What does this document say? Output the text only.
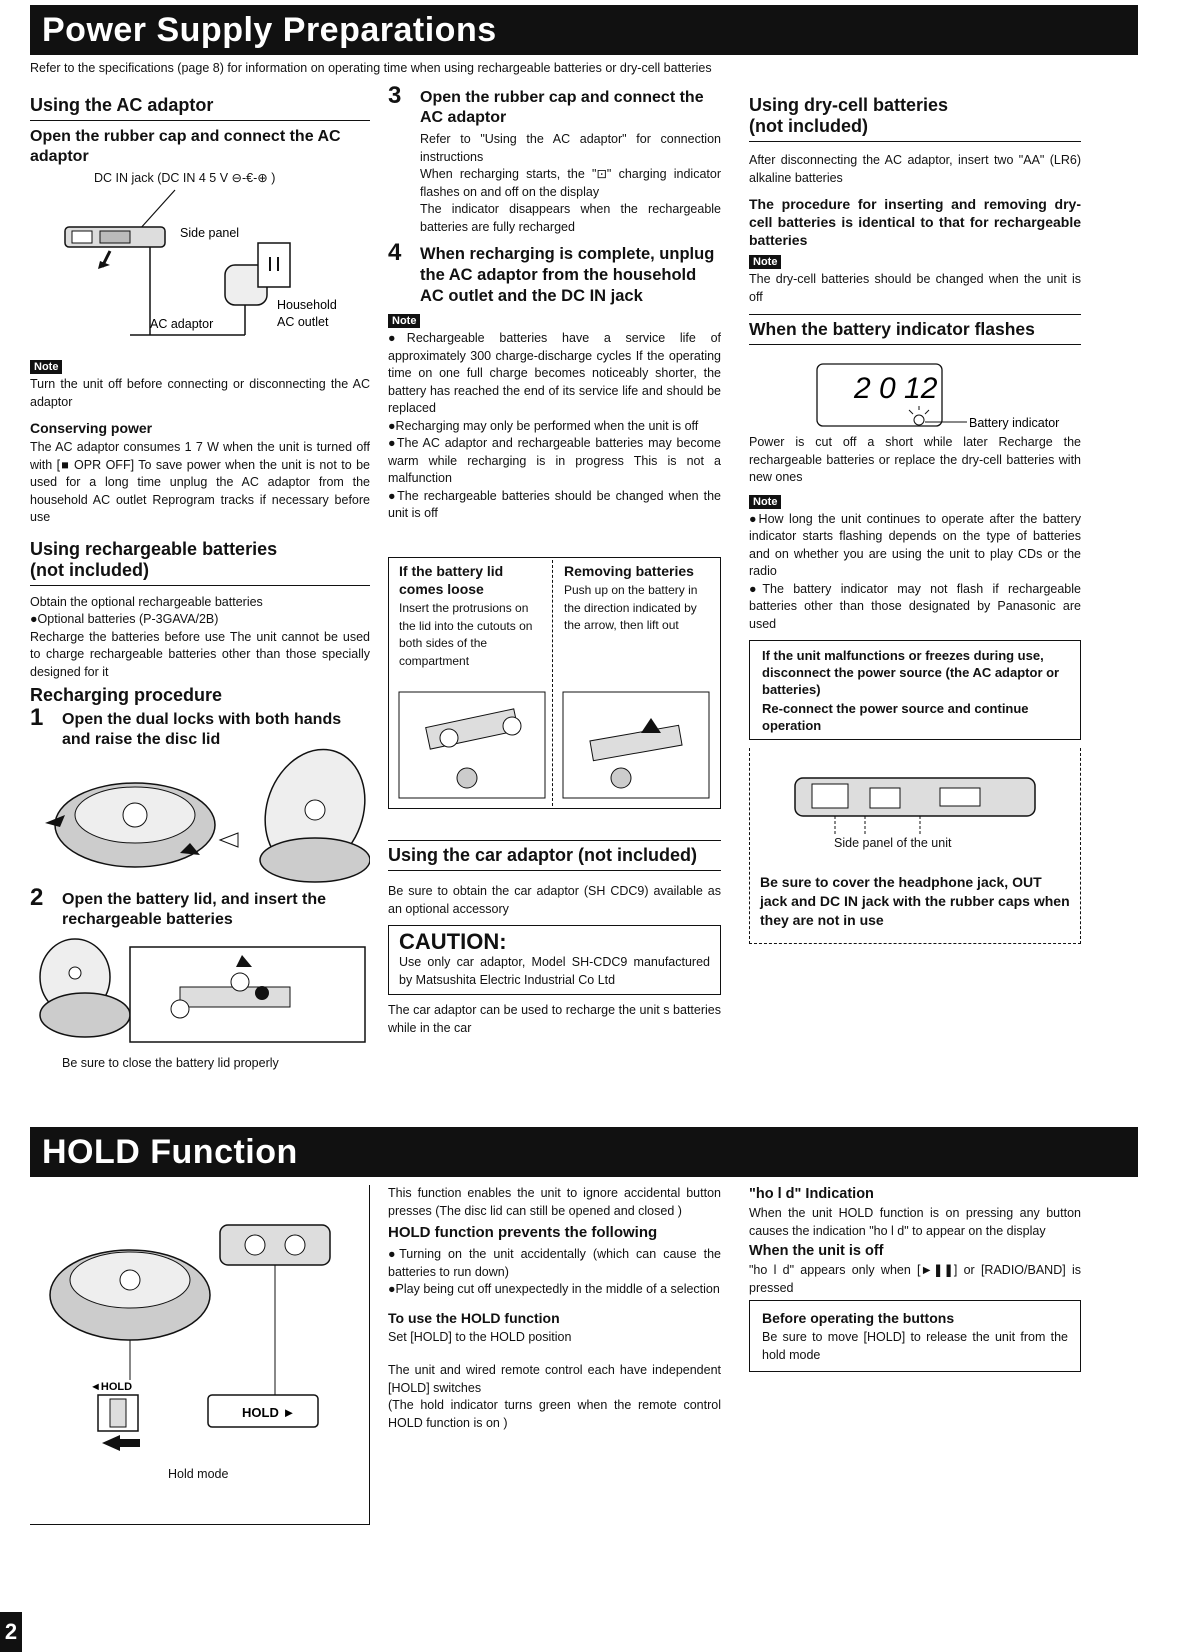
Power Supply Preparations
Refer to the specifications (page 8) for information on operating time when using rechargeable batteries or dry-cell batteries
Using the AC adaptor
Open the rubber cap and connect the AC adaptor
DC IN jack (DC IN 4 5 V ⊖-€-⊕ )
Side panel
Household
AC outlet
AC adaptor
Note

Turn the unit off before connecting or disconnecting the AC adaptor

Conserving power

The AC adaptor consumes 1 7 W when the unit is turned off with [■ OPR OFF] To save power when the unit is not to be used for a long time unplug the AC adaptor from the household AC outlet Reprogram tracks if necessary before use

Using rechargeable batteries
(not included)

Obtain the optional rechargeable batteries

●Optional batteries (P-3GAVA/2B)

Recharge the batteries before use The unit cannot be used to charge rechargeable batteries other than those specially designed for it

Recharging procedure
1 Open the dual locks with both hands and raise the disc lid
2 Open the battery lid, and insert the rechargeable batteries
Be sure to close the battery lid properly
3 Open the rubber cap and connect the AC adaptor

Refer to "Using the AC adaptor" for connection instructions

When recharging starts, the "⊡" charging indicator flashes on and off on the display

The indicator disappears when the rechargeable batteries are fully recharged

4 When recharging is complete, unplug the AC adaptor from the household AC outlet and the DC IN jack
Note

●Rechargeable batteries have a service life of approximately 300 charge-discharge cycles If the operating time on one full charge becomes noticeably shorter, the battery has reached the end of its service life and should be replaced

●Recharging may only be performed when the unit is off

●The AC adaptor and rechargeable batteries may become warm while recharging is in progress This is not a malfunction

●The rechargeable batteries should be changed when the unit is off

If the battery lid comes loose

Insert the protrusions on the lid into the cutouts on both sides of the compartment

Removing batteries

Push up on the battery in the direction indicated by the arrow, then lift out

Using the car adaptor (not included)

Be sure to obtain the car adaptor (SH CDC9) available as an optional accessory

CAUTION:

Use only car adaptor, Model SH-CDC9 manufactured by Matsushita Electric Industrial Co Ltd

The car adaptor can be used to recharge the unit s batteries while in the car
Using dry-cell batteries
(not included)

After disconnecting the AC adaptor, insert two "AA" (LR6) alkaline batteries

The procedure for inserting and removing dry-cell batteries is identical to that for rechargeable batteries
Note

The dry-cell batteries should be changed when the unit is off

When the battery indicator flashes
2 0 12
Battery indicator

Power is cut off a short while later Recharge the rechargeable batteries or replace the dry-cell batteries with new ones

Note

●How long the unit continues to operate after the battery indicator starts flashing depends on the type of batteries and on whether you are using the unit to play CDs or the radio

●The battery indicator may not flash if rechargeable batteries other than those designated by Panasonic are used

If the unit malfunctions or freezes during use, disconnect the power source (the AC adaptor or batteries)
Re-connect the power source and continue operation
Side panel of the unit
Be sure to cover the headphone jack, OUT jack and DC IN jack with the rubber caps when they are not in use
HOLD Function
◄HOLD
HOLD ►
Hold mode

This function enables the unit to ignore accidental button presses (The disc lid can still be opened and closed )

HOLD function prevents the following

●Turning on the unit accidentally (which can cause the batteries to run down)

●Play being cut off unexpectedly in the middle of a selection

To use the HOLD function

Set [HOLD] to the HOLD position

The unit and wired remote control each have independent [HOLD] switches

(The hold indicator turns green when the remote control HOLD function is on )

"ho l d" Indication

When the unit HOLD function is on pressing any button causes the indication "ho l d" to appear on the display

When the unit is off

"ho l d" appears only when [►❚❚] or [RADIO/BAND] is pressed

Before operating the buttons

Be sure to move [HOLD] to release the unit from the hold mode

2
